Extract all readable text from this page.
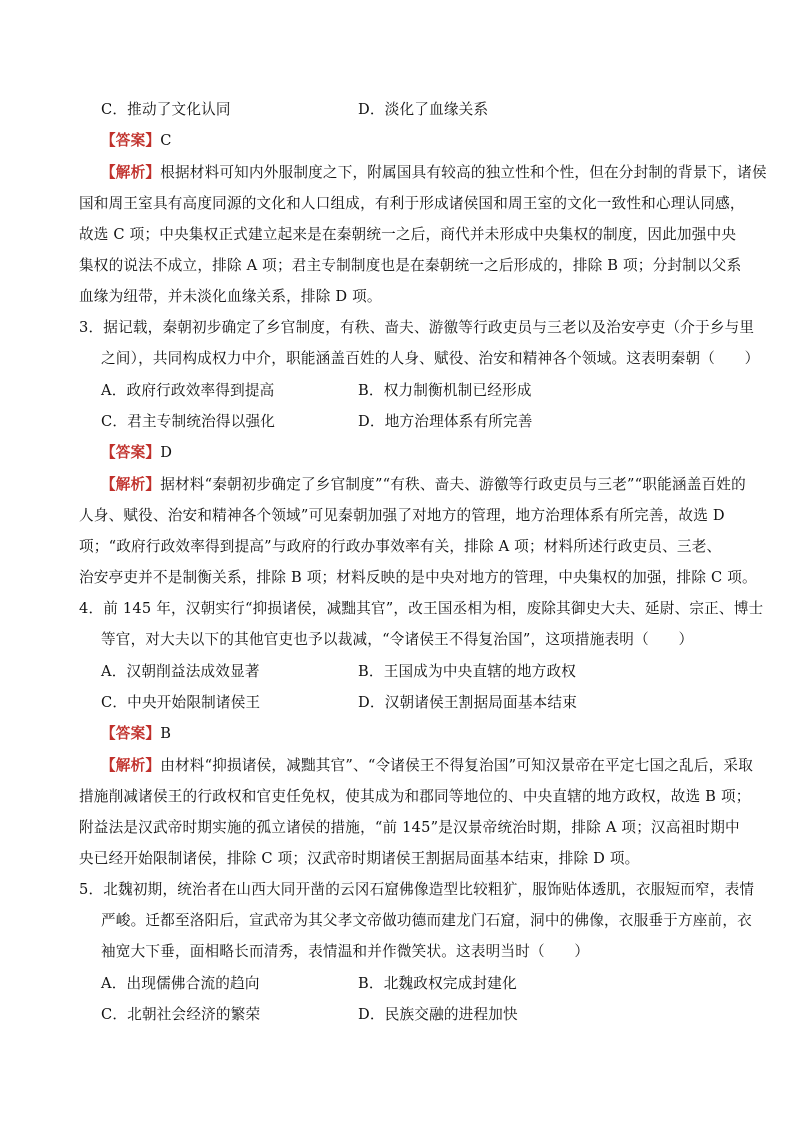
C．推动了文化认同	D．淡化了血缘关系
【答案】C
【解析】根据材料可知内外服制度之下，附属国具有较高的独立性和个性，但在分封制的背景下，诸侯
国和周王室具有高度同源的文化和人口组成，有利于形成诸侯国和周王室的文化一致性和心理认同感，
故选 C 项；中央集权正式建立起来是在秦朝统一之后，商代并未形成中央集权的制度，因此加强中央
集权的说法不成立，排除 A 项；君主专制制度也是在秦朝统一之后形成的，排除 B 项；分封制以父系
血缘为纽带，并未淡化血缘关系，排除 D 项。
3．据记载，秦朝初步确定了乡官制度，有秩、啬夫、游徼等行政吏员与三老以及治安亭吏（介于乡与里
之间），共同构成权力中介，职能涵盖百姓的人身、赋役、治安和精神各个领域。这表明秦朝（　　）
A．政府行政效率得到提高	B．权力制衡机制已经形成
C．君主专制统治得以强化	D．地方治理体系有所完善
【答案】D
【解析】据材料“秦朝初步确定了乡官制度”“有秩、啬夫、游徼等行政吏员与三老”“职能涵盖百姓的
人身、赋役、治安和精神各个领域”可见秦朝加强了对地方的管理，地方治理体系有所完善，故选 D
项；“政府行政效率得到提高”与政府的行政办事效率有关，排除 A 项；材料所述行政吏员、三老、
治安亭吏并不是制衡关系，排除 B 项；材料反映的是中央对地方的管理，中央集权的加强，排除 C 项。
4．前 145 年，汉朝实行“抑损诸侯，减黜其官”，改王国丞相为相，废除其御史大夫、延尉、宗正、博士
等官，对大夫以下的其他官吏也予以裁减，“令诸侯王不得复治国”，这项措施表明（　　）
A．汉朝削益法成效显著	B．王国成为中央直辖的地方政权
C．中央开始限制诸侯王	D．汉朝诸侯王割据局面基本结束
【答案】B
【解析】由材料“抑损诸侯，减黜其官”、“令诸侯王不得复治国”可知汉景帝在平定七国之乱后，采取
措施削减诸侯王的行政权和官吏任免权，使其成为和郡同等地位的、中央直辖的地方政权，故选 B 项；
附益法是汉武帝时期实施的孤立诸侯的措施，“前 145”是汉景帝统治时期，排除 A 项；汉高祖时期中
央已经开始限制诸侯，排除 C 项；汉武帝时期诸侯王割据局面基本结束，排除 D 项。
5．北魏初期，统治者在山西大同开凿的云冈石窟佛像造型比较粗犷，服饰贴体透肌，衣服短而窄，表情
严峻。迁都至洛阳后，宣武帝为其父孝文帝做功德而建龙门石窟，洞中的佛像，衣服垂于方座前，衣
袖宽大下垂，面相略长而清秀，表情温和并作微笑状。这表明当时（　　）
A．出现儒佛合流的趋向	B．北魏政权完成封建化
C．北朝社会经济的繁荣	D．民族交融的进程加快
